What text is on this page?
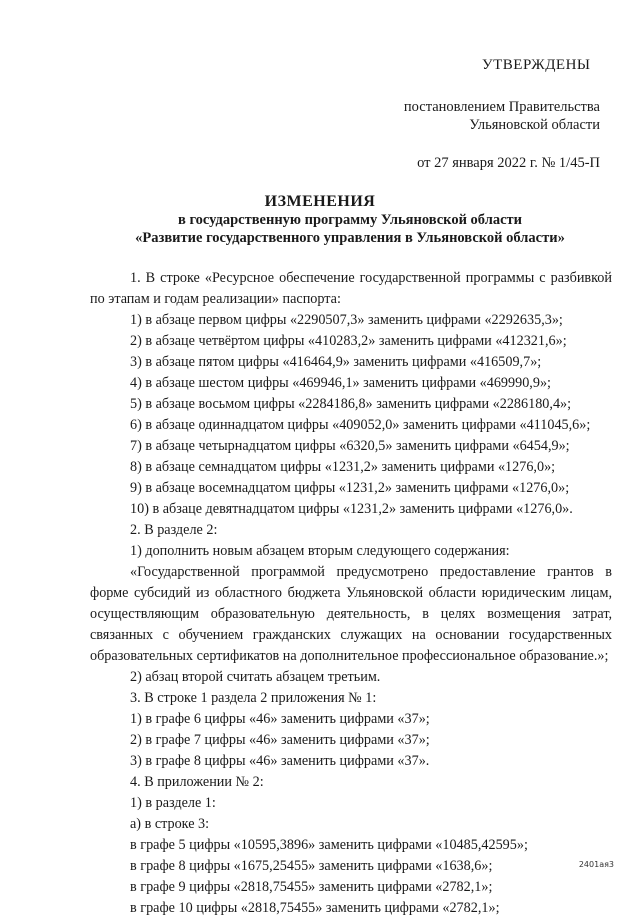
УТВЕРЖДЕНЫ
постановлением Правительства
Ульяновской области
от 27 января 2022 г. № 1/45-П
ИЗМЕНЕНИЯ
в государственную программу Ульяновской области
«Развитие государственного управления в Ульяновской области»

1. В строке «Ресурсное обеспечение государственной программы с разбивкой по этапам и годам реализации» паспорта:

1) в абзаце первом цифры «2290507,3» заменить цифрами «2292635,3»;

2) в абзаце четвёртом цифры «410283,2» заменить цифрами «412321,6»;

3) в абзаце пятом цифры «416464,9» заменить цифрами «416509,7»;

4) в абзаце шестом цифры «469946,1» заменить цифрами «469990,9»;

5) в абзаце восьмом цифры «2284186,8» заменить цифрами «2286180,4»;

6) в абзаце одиннадцатом цифры «409052,0» заменить цифрами «411045,6»;

7) в абзаце четырнадцатом цифры «6320,5» заменить цифрами «6454,9»;

8) в абзаце семнадцатом цифры «1231,2» заменить цифрами «1276,0»;

9) в абзаце восемнадцатом цифры «1231,2» заменить цифрами «1276,0»;

10) в абзаце девятнадцатом цифры «1231,2» заменить цифрами «1276,0».

2. В разделе 2:

1) дополнить новым абзацем вторым следующего содержания:

«Государственной программой предусмотрено предоставление грантов в форме субсидий из областного бюджета Ульяновской области юридическим лицам, осуществляющим образовательную деятельность, в целях возмещения затрат, связанных с обучением гражданских служащих на основании государственных образовательных сертификатов на дополнительное профессиональное образование.»;

2) абзац второй считать абзацем третьим.

3. В строке 1 раздела 2 приложения № 1:

1) в графе 6 цифры «46» заменить цифрами «37»;

2) в графе 7 цифры «46» заменить цифрами «37»;

3) в графе 8 цифры «46» заменить цифрами «37».

4. В приложении № 2:

1) в разделе 1:

а) в строке 3:

в графе 5 цифры «10595,3896» заменить цифрами «10485,42595»;

в графе 8 цифры «1675,25455» заменить цифрами «1638,6»;

в графе 9 цифры «2818,75455» заменить цифрами «2782,1»;

в графе 10 цифры «2818,75455» заменить цифрами «2782,1»;

2401ая3
